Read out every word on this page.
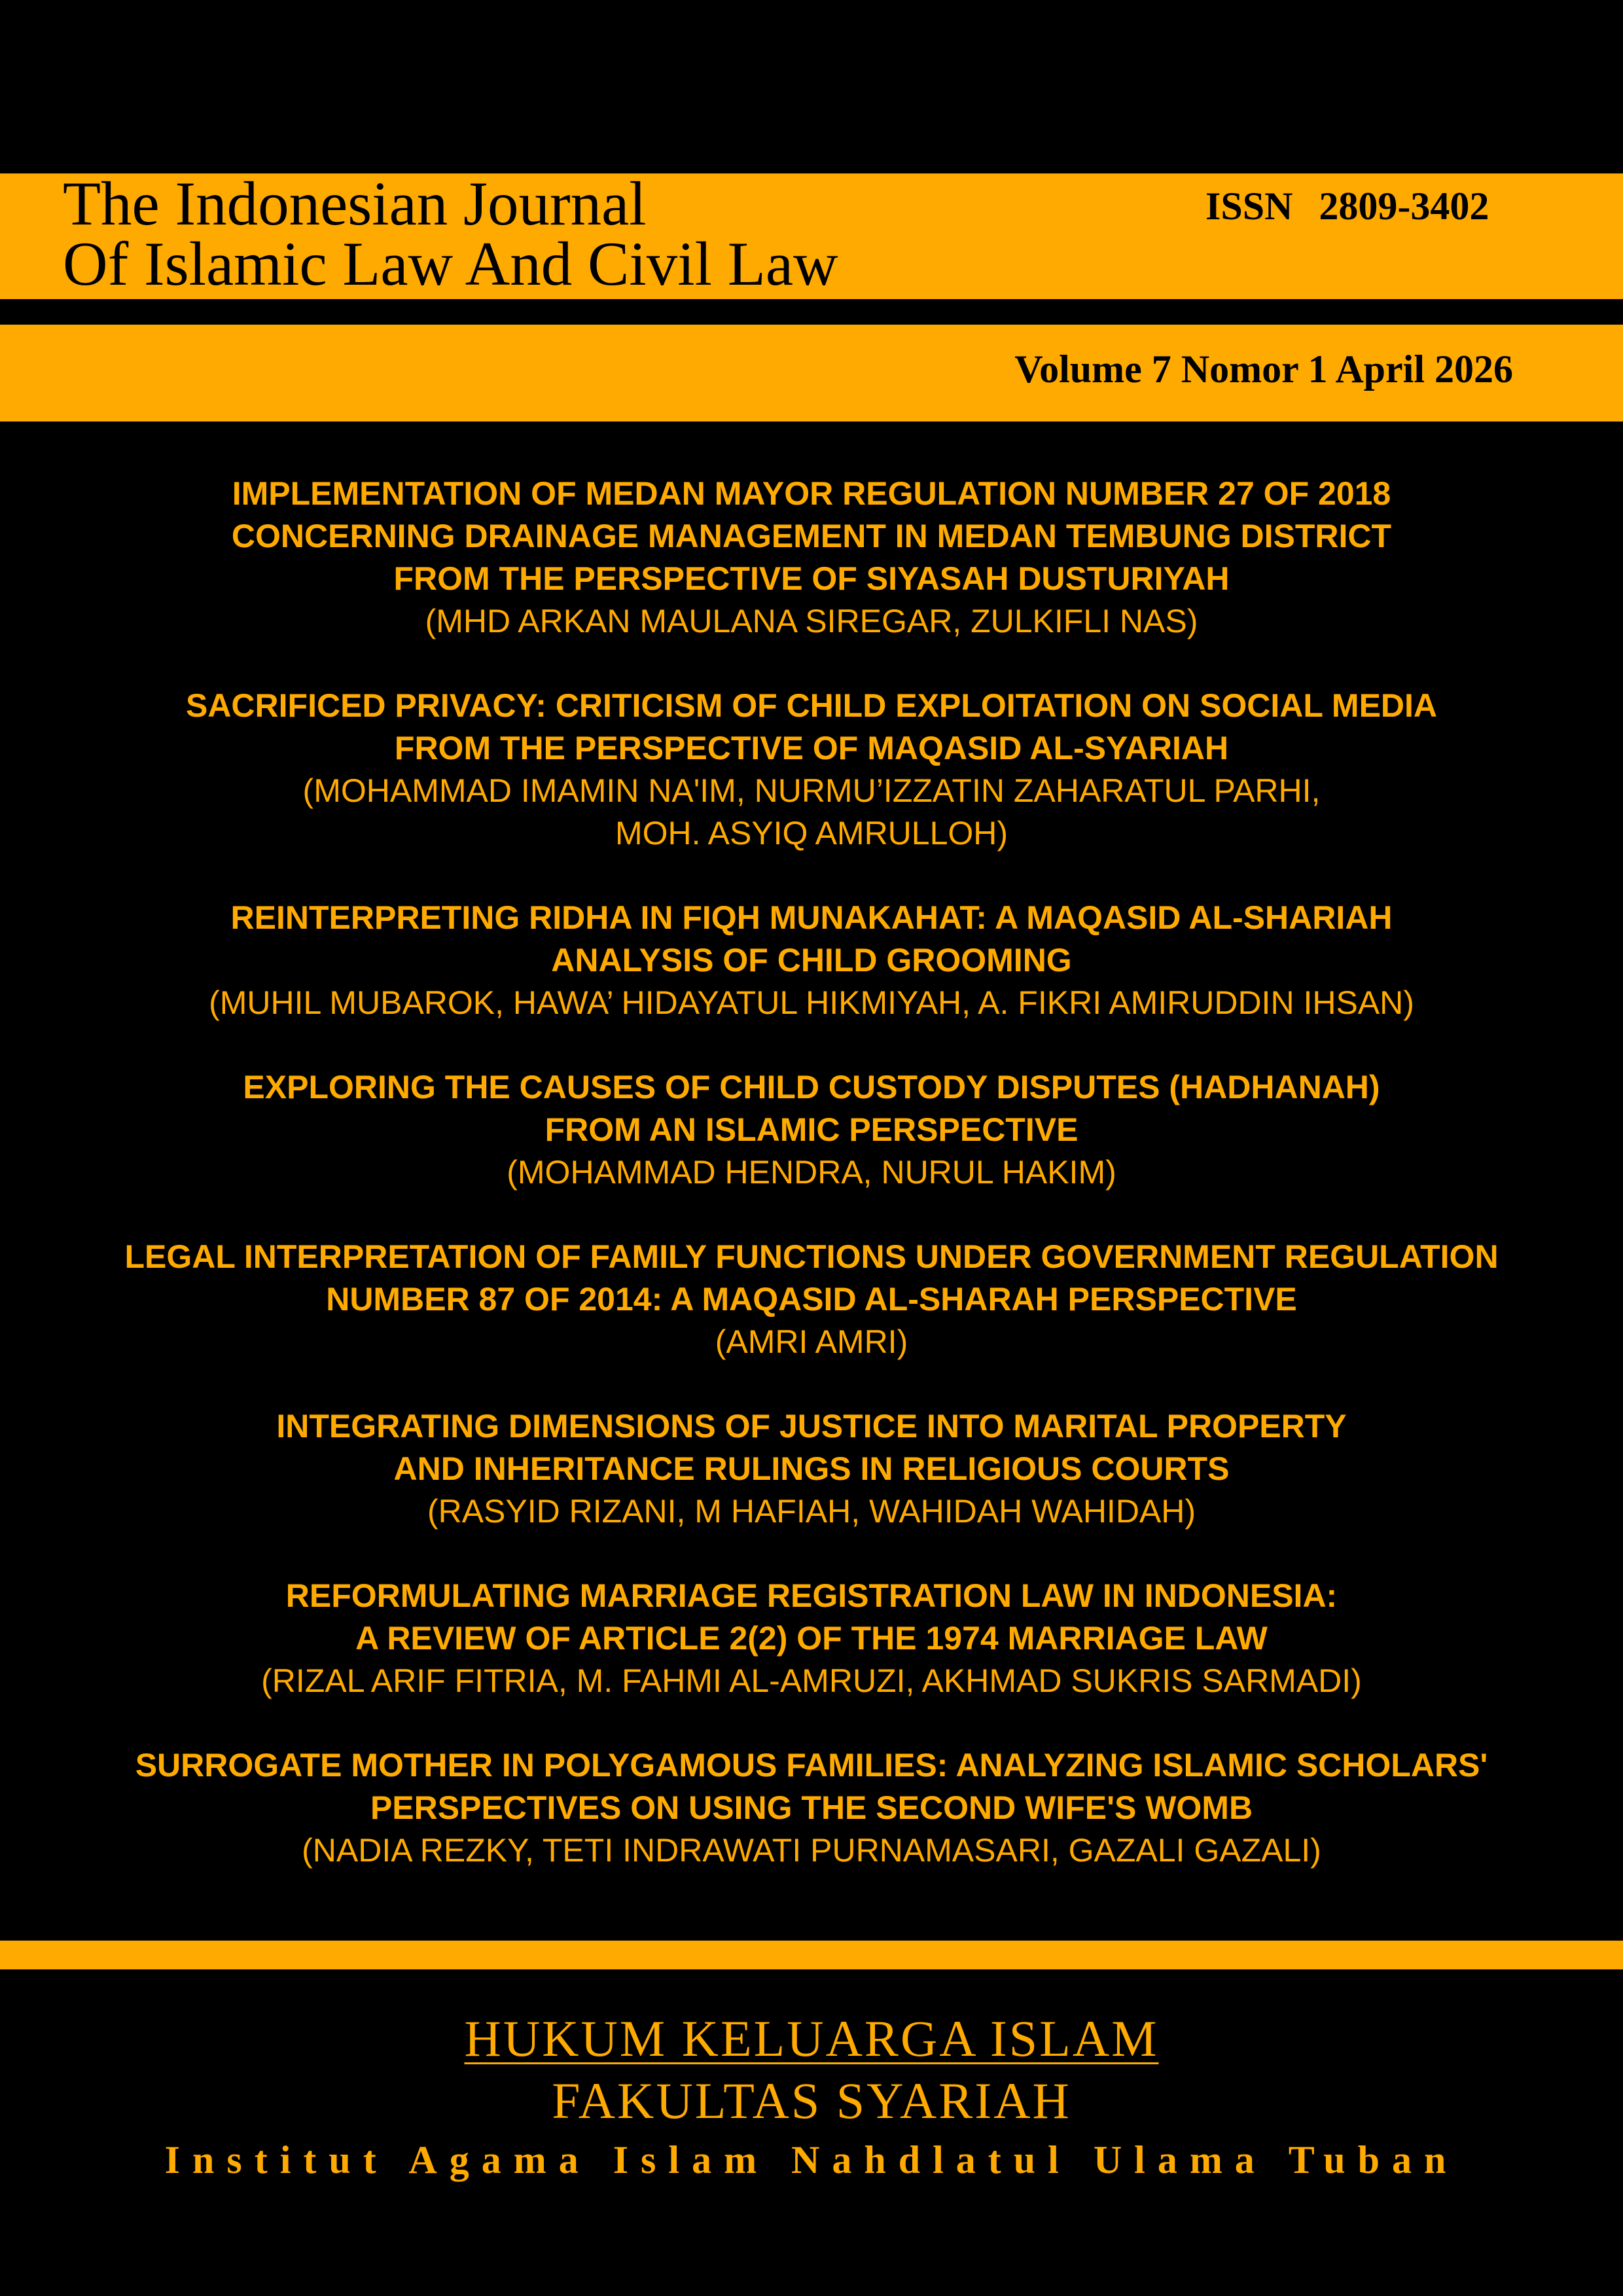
The Indonesian Journal
Of Islamic Law And Civil Law
ISSN 2809-3402
Volume 7 Nomor 1 April 2026
IMPLEMENTATION OF MEDAN MAYOR REGULATION NUMBER 27 OF 2018
CONCERNING DRAINAGE MANAGEMENT IN MEDAN TEMBUNG DISTRICT
FROM THE PERSPECTIVE OF SIYASAH DUSTURIYAH
(MHD ARKAN MAULANA SIREGAR, ZULKIFLI NAS)
SACRIFICED PRIVACY: CRITICISM OF CHILD EXPLOITATION ON SOCIAL MEDIA
FROM THE PERSPECTIVE OF MAQASID AL-SYARIAH
(MOHAMMAD IMAMIN NA'IM, NURMU’IZZATIN ZAHARATUL PARHI,
MOH. ASYIQ AMRULLOH)
REINTERPRETING RIDHA IN FIQH MUNAKAHAT: A MAQASID AL-SHARIAH
ANALYSIS OF CHILD GROOMING
(MUHIL MUBAROK, HAWA’ HIDAYATUL HIKMIYAH, A. FIKRI AMIRUDDIN IHSAN)
EXPLORING THE CAUSES OF CHILD CUSTODY DISPUTES (HADHANAH)
FROM AN ISLAMIC PERSPECTIVE
(MOHAMMAD HENDRA, NURUL HAKIM)
LEGAL INTERPRETATION OF FAMILY FUNCTIONS UNDER GOVERNMENT REGULATION
NUMBER 87 OF 2014: A MAQASID AL-SHARAH PERSPECTIVE
(AMRI AMRI)
INTEGRATING DIMENSIONS OF JUSTICE INTO MARITAL PROPERTY
AND INHERITANCE RULINGS IN RELIGIOUS COURTS
(RASYID RIZANI, M HAFIAH, WAHIDAH WAHIDAH)
REFORMULATING MARRIAGE REGISTRATION LAW IN INDONESIA:
A REVIEW OF ARTICLE 2(2) OF THE 1974 MARRIAGE LAW
(RIZAL ARIF FITRIA, M. FAHMI AL-AMRUZI, AKHMAD SUKRIS SARMADI)
SURROGATE MOTHER IN POLYGAMOUS FAMILIES: ANALYZING ISLAMIC SCHOLARS'
PERSPECTIVES ON USING THE SECOND WIFE'S WOMB
(NADIA REZKY, TETI INDRAWATI PURNAMASARI, GAZALI GAZALI)
HUKUM KELUARGA ISLAM
FAKULTAS SYARIAH
Institut Agama Islam Nahdlatul Ulama Tuban
